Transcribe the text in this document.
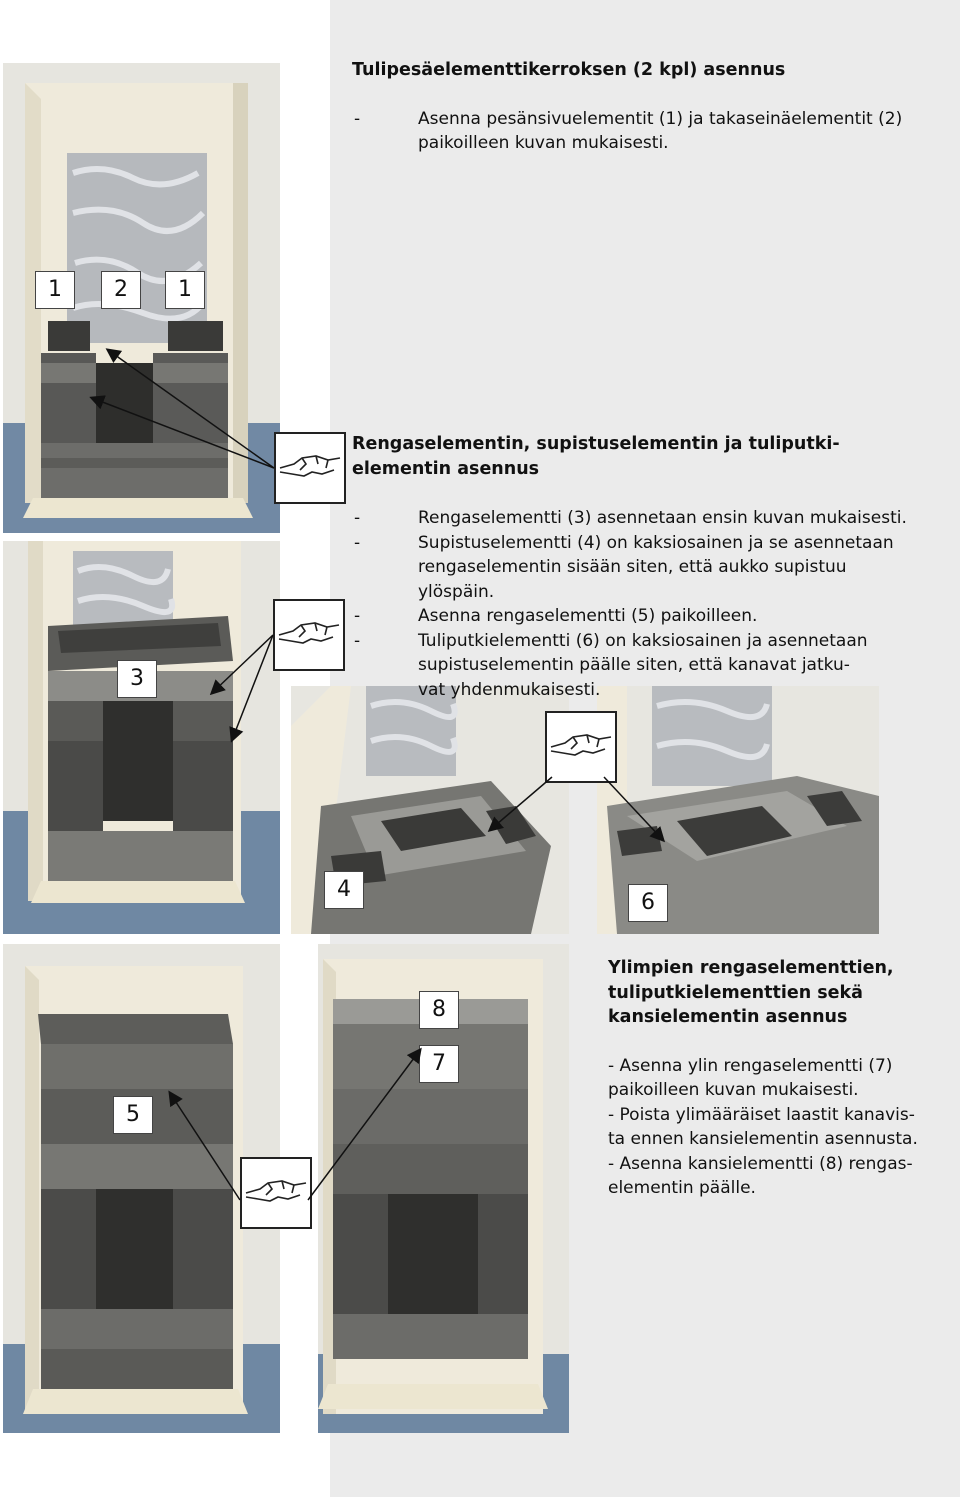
1	2	1
3
4
6
5
8
7
Tulipesäelementtikerroksen (2 kpl) asennus
-	Asenna pesänsivuelementit (1) ja takaseinäelementit (2) paikoilleen kuvan mukaisesti.
Rengaselementin, supistuselementin ja tuliputki-
elementin asennus
-	Rengaselementti (3) asennetaan ensin kuvan mukaisesti.
-	Supistuselementti (4) on kaksiosainen ja se asennetaan rengaselementin sisään siten, että aukko supistuu ylöspäin.
-	Asenna rengaselementti (5) paikoilleen.
-	Tuliputkielementti (6) on kaksiosainen ja asennetaan supistuselementin päälle siten, että kanavat jatku-
vat yhdenmukaisesti.
Ylimpien rengaselementtien,
tuliputkielementtien sekä
kansielementin asennus
- Asenna ylin rengaselementti (7)
paikoilleen kuvan mukaisesti.
- Poista ylimääräiset laastit kanavis-
ta ennen kansielementin asennusta.
- Asenna kansielementti (8) rengas-
elementin päälle.
